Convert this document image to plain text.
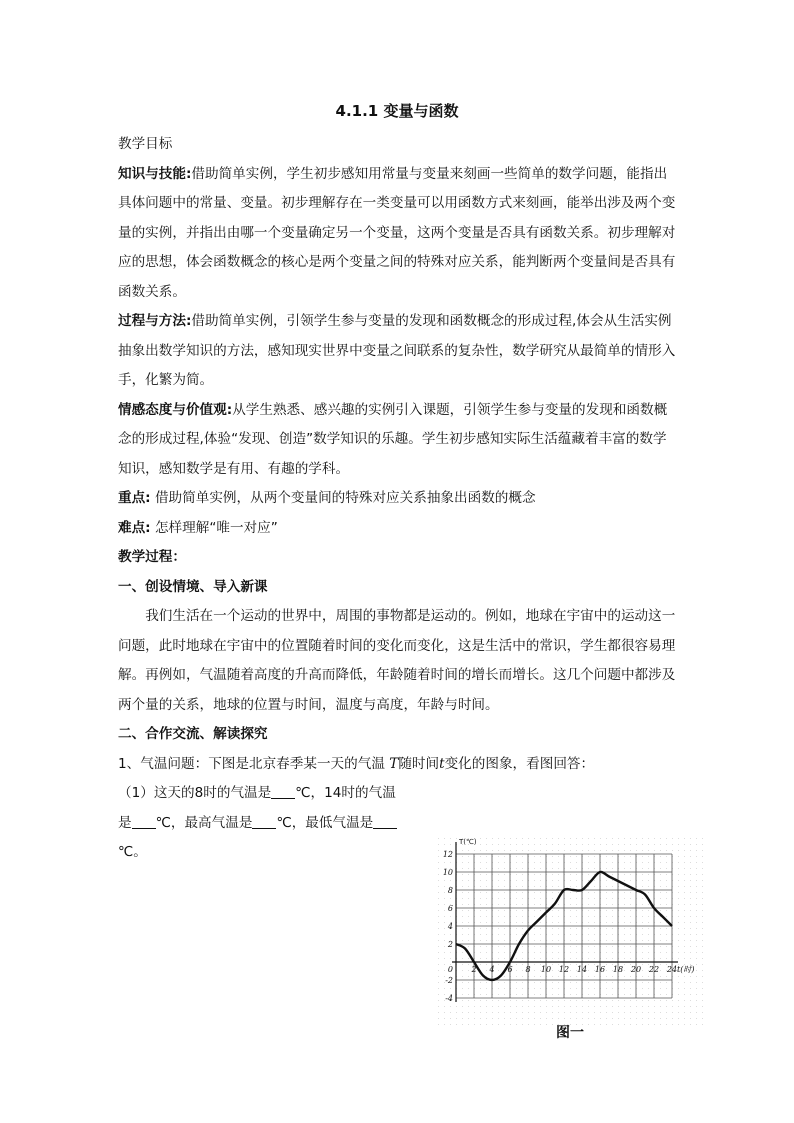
4.1.1 变量与函数

教学目标

知识与技能:借助简单实例，学生初步感知用常量与变量来刻画一些简单的数学问题，能指出具体问题中的常量、变量。初步理解存在一类变量可以用函数方式来刻画，能举出涉及两个变量的实例，并指出由哪一个变量确定另一个变量，这两个变量是否具有函数关系。初步理解对应的思想，体会函数概念的核心是两个变量之间的特殊对应关系，能判断两个变量间是否具有函数关系。

过程与方法:借助简单实例，引领学生参与变量的发现和函数概念的形成过程,体会从生活实例抽象出数学知识的方法，感知现实世界中变量之间联系的复杂性，数学研究从最简单的情形入手，化繁为简。

情感态度与价值观:从学生熟悉、感兴趣的实例引入课题，引领学生参与变量的发现和函数概念的形成过程,体验“发现、创造”数学知识的乐趣。学生初步感知实际生活蕴藏着丰富的数学知识，感知数学是有用、有趣的学科。

重点: 借助简单实例，从两个变量间的特殊对应关系抽象出函数的概念

难点: 怎样理解“唯一对应”

教学过程：

一、创设情境、导入新课

我们生活在一个运动的世界中，周围的事物都是运动的。例如，地球在宇宙中的运动这一问题，此时地球在宇宙中的位置随着时间的变化而变化，这是生活中的常识，学生都很容易理解。再例如，气温随着高度的升高而降低，年龄随着时间的增长而增长。这几个问题中都涉及两个量的关系，地球的位置与时间，温度与高度，年龄与时间。

二、合作交流、解读探究

1、气温问题：下图是北京春季某一天的气温 T随时间t变化的图象，看图回答：

（1）这天的8时的气温是 ℃，14时的气温

是 ℃，最高气温是 ℃，最低气温是℃。

T(℃)
2 4 6 8 10 12 14 16 18 20 22 24 t(时)
12
10
8
6
4
2
-2
-4
0
图一
